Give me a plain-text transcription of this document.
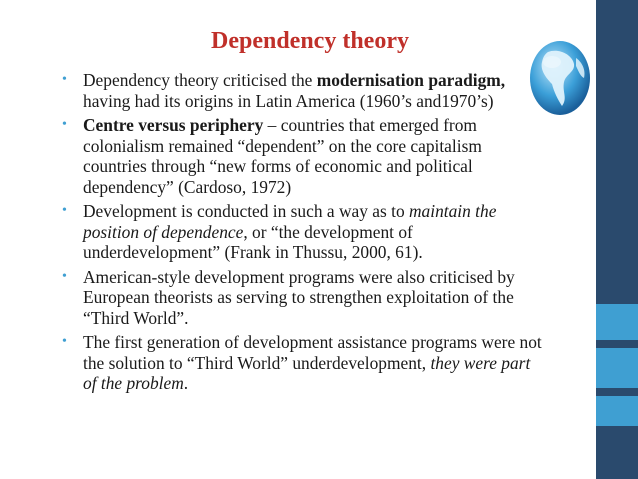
Dependency theory
• Dependency theory criticised the modernisation paradigm, having had its origins in Latin America (1960’s and1970’s)
• Centre versus periphery – countries that emerged from colonialism remained “dependent” on the core capitalism countries through “new forms of economic and political dependency” (Cardoso, 1972)
• Development is conducted in such a way as to maintain the position of dependence, or “the development of underdevelopment” (Frank in Thussu, 2000, 61).
• American-style development programs were also criticised by European theorists as serving to strengthen exploitation of the “Third World”.
• The first generation of development assistance programs were not the solution to “Third World” underdevelopment, they were part of the problem.
